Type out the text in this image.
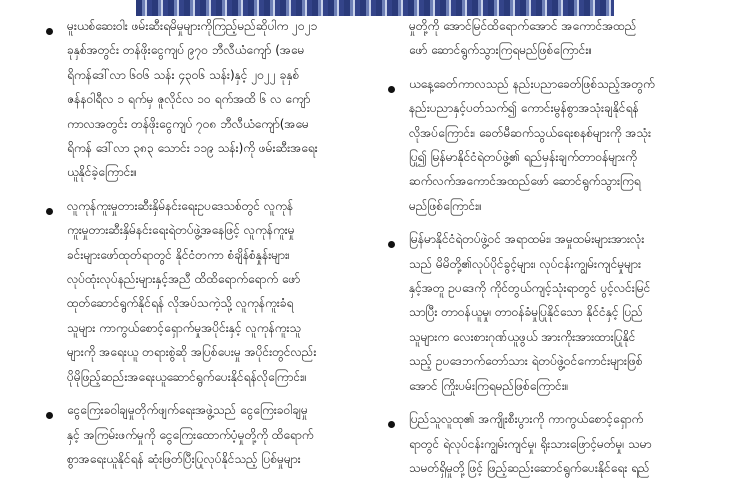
မူးယစ်ဆေးဝါး ဖမ်းဆီးရမိမှုများကိုကြည့်မည်ဆိုပါက ၂၀၂၁
ခုနှစ်အတွင်း တန်ဖိုးငွေကျပ် ၉၇၀ ဘီလီယံကျော် (အမေ
ရိကန်ဒေါ်လာ ၆၀၆ သန်း ၄၃၀၆ သန်း)နှင့် ၂၀၂၂ ခုနှစ်
ဇန်နဝါရီလ ၁ ရက်မှ ဇူလိုင်လ ၁၀ ရက်အထိ ၆ လ ကျော်
ကာလအတွင်း တန်ဖိုးငွေကျပ် ၇၀၈ ဘီလီယံကျော်(အမေ
ရိကန် ဒေါ်လာ ၃၈၃ သောင်း ၁၁၉ သန်း)ကို ဖမ်းဆီးအရေး
ယူနိုင်ခဲ့ကြောင်း။

လူကုန်ကူးမှုတားဆီးနှိမ်နင်းရေးဥပဒေသစ်တွင် လူကုန်
ကူးမှုတားဆီးနှိမ်နင်းရေးရဲတပ်ဖွဲ့အနေဖြင့် လူကုန်ကူးမှု
ခင်းများဖော်ထုတ်ရာတွင် နိုင်ငံတကာ စံချိန်စံနှုန်းများ၊
လုပ်ထုံးလုပ်နည်းများနှင့်အညီ ထိထိရောက်ရောက် ဖော်
ထုတ်ဆောင်ရွက်နိုင်ရန် လိုအပ်သကဲ့သို့ လူကုန်ကူးခံရ
သူများ ကာကွယ်စောင့်ရှောက်မှုအပိုင်းနှင့် လူကုန်ကူးသူ
များကို အရေးယူ တရားစွဲဆို အပြစ်ပေးမှု အပိုင်းတွင်လည်း
ပိုမိုဖြည့်ဆည်းအရေးယူဆောင်ရွက်ပေးနိုင်ရန်လိုကြောင်း။

ငွေကြေးခဝါချမှုတိုက်ဖျက်ရေးအဖွဲ့သည် ငွေကြေးခဝါချမှု
နှင့် အကြမ်းဖက်မှုကို ငွေကြေးထောက်ပံ့မှုတို့ကို ထိရောက်
စွာအရေးယူနိုင်ရန် ဆုံးဖြတ်ပြီးပြုလုပ်နိုင်သည့် ပြစ်မှုများ

မှုတို့ကို အောင်မြင်ထိရောက်အောင် အကောင်အထည်
ဖော် ဆောင်ရွက်သွားကြရမည်ဖြစ်ကြောင်း။

ယနေ့ခေတ်ကာလသည် နည်းပညာခေတ်ဖြစ်သည့်အတွက်
နည်းပညာနှင့်ပတ်သက်၍ ကောင်းမွန်စွာအသုံးချနိုင်ရန်
လိုအပ်ကြောင်း၊ ခေတ်မီဆက်သွယ်ရေးစနစ်များကို အသုံး
ပြု၍ မြန်မာနိုင်ငံရဲတပ်ဖွဲ့၏ ရည်မှန်းချက်တာဝန်များကို
ဆက်လက်အကောင်အထည်ဖော် ဆောင်ရွက်သွားကြရ
မည်ဖြစ်ကြောင်း။

မြန်မာနိုင်ငံရဲတပ်ဖွဲ့ဝင် အရာထမ်း၊ အမှုထမ်းများအားလုံး
သည် မိမိတို့၏လုပ်ပိုင်ခွင့်များ၊ လုပ်ငန်းကျွမ်းကျင်မှုများ
နှင့်အတူ ဥပဒေကို ကိုင်တွယ်ကျင့်သုံးရာတွင် ပွင့်လင်းမြင်
သာပြီး တာဝန်ယူမှု၊ တာဝန်ခံမှုပြုနိုင်သော နိုင်ငံနှင့် ပြည်
သူများက လေးစားဂုဏ်ယူဖွယ် အားကိုးအားထားပြုနိုင်
သည့် ဥပဒေဘက်တော်သား ရဲတပ်ဖွဲ့ဝင်ကောင်းများဖြစ်
အောင် ကြိုးပမ်းကြရမည်ဖြစ်ကြောင်း။

ပြည်သူလူထု၏ အကျိုးစီးပွားကို ကာကွယ်စောင့်ရှောက်
ရာတွင် ရဲလုပ်ငန်းကျွမ်းကျင်မှု၊ ရိုးသားဖြောင့်မတ်မှု၊ သမာ
သမတ်ရှိမှုတို့ဖြင့် ဖြည့်ဆည်းဆောင်ရွက်ပေးနိုင်ရေး ရည်
